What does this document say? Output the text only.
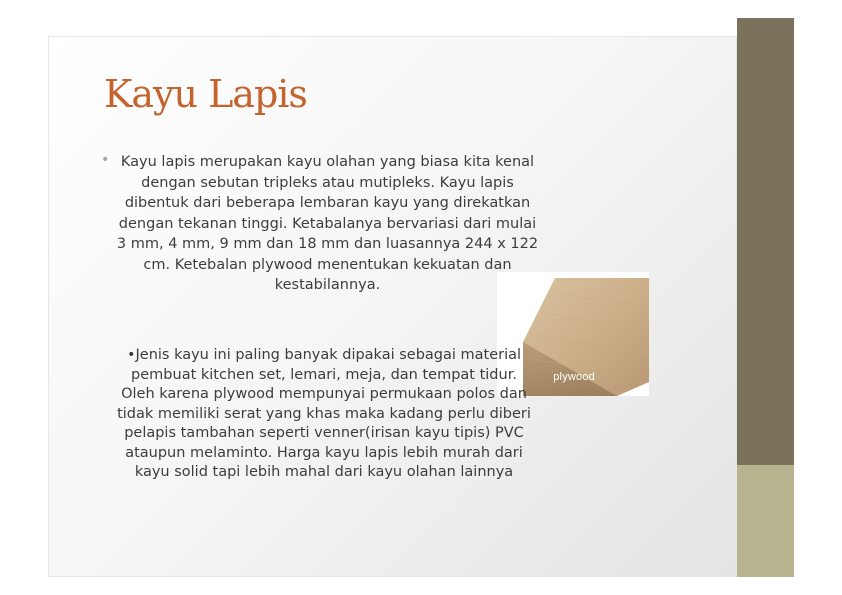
Kayu Lapis
• Kayu lapis merupakan kayu olahan yang biasa kita kenal dengan sebutan tripleks atau mutipleks. Kayu lapis dibentuk dari beberapa lembaran kayu yang direkatkan dengan tekanan tinggi. Ketabalanya bervariasi dari mulai 3 mm, 4 mm, 9 mm dan 18 mm dan luasannya 244 x 122 cm. Ketebalan plywood menentukan kekuatan dan kestabilannya.

plywood

•Jenis kayu ini paling banyak dipakai sebagai material pembuat kitchen set, lemari, meja, dan tempat tidur. Oleh karena plywood mempunyai permukaan polos dan tidak memiliki serat yang khas maka kadang perlu diberi pelapis tambahan seperti venner(irisan kayu tipis) PVC ataupun melaminto. Harga kayu lapis lebih murah dari kayu solid tapi lebih mahal dari kayu olahan lainnya
